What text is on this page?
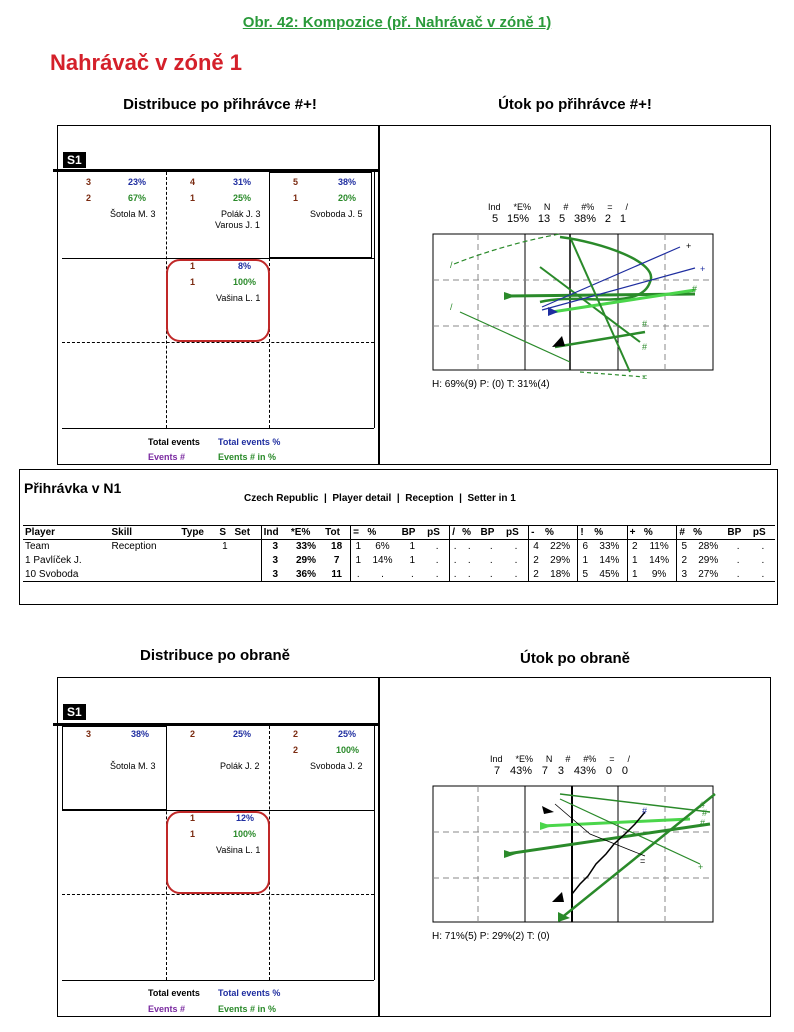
Obr. 42: Kompozice (př. Nahrávač v zóně 1)
Nahrávač v zóně 1
Distribuce po přihrávce #+!	Útok po přihrávce #+!
S1
3	23%
2	67%
Šotola M. 3
4	31%
1	25%
Polák J. 3
Varous J. 1
5	38%
1	20%
Svoboda J. 5
1	8%
1	100%
Vašina L. 1
Total events Total events %
Events #	Events # in %
Ind *E% N # #% = /
5 15% 13 5 38% 2 1
+
+
#
#
#
=
/
/
H: 69%(9) P: (0) T: 31%(4)
Přihrávka v N1
Czech Republic  |  Player detail  |  Reception  |  Setter in 1
Player	Skill	Type	S	Set	Ind	*E%	Tot	=	%	BP	pS	/	%	BP	pS	-	%	!	%	+	%	#	%	BP	pS
Team	Reception		1		3	33%	18	1	6%	1	.	.	.	.	.	4	22%	6	33%	2	11%	5	28%	.	.
1 Pavlíček J.					3	29%	7	1	14%	1	.	.	.	.	.	2	29%	1	14%	1	14%	2	29%	.	.
10 Svoboda					3	36%	11	.	.	.	.	.	.	.	.	2	18%	5	45%	1	9%	3	27%	.	.
Distribuce po obraně	Útok po obraně
S1
3	38%
Šotola M. 3
2	25%
Polák J. 2
2	25%
2	100%
Svoboda J. 2
1	12%
1	100%
Vašina L. 1
Total events Total events %
Events #	Events # in %
Ind *E% N # #% = /
7 43% 7 3 43% 0 0
#
#
#
#
=
+
H: 71%(5) P: 29%(2) T: (0)
